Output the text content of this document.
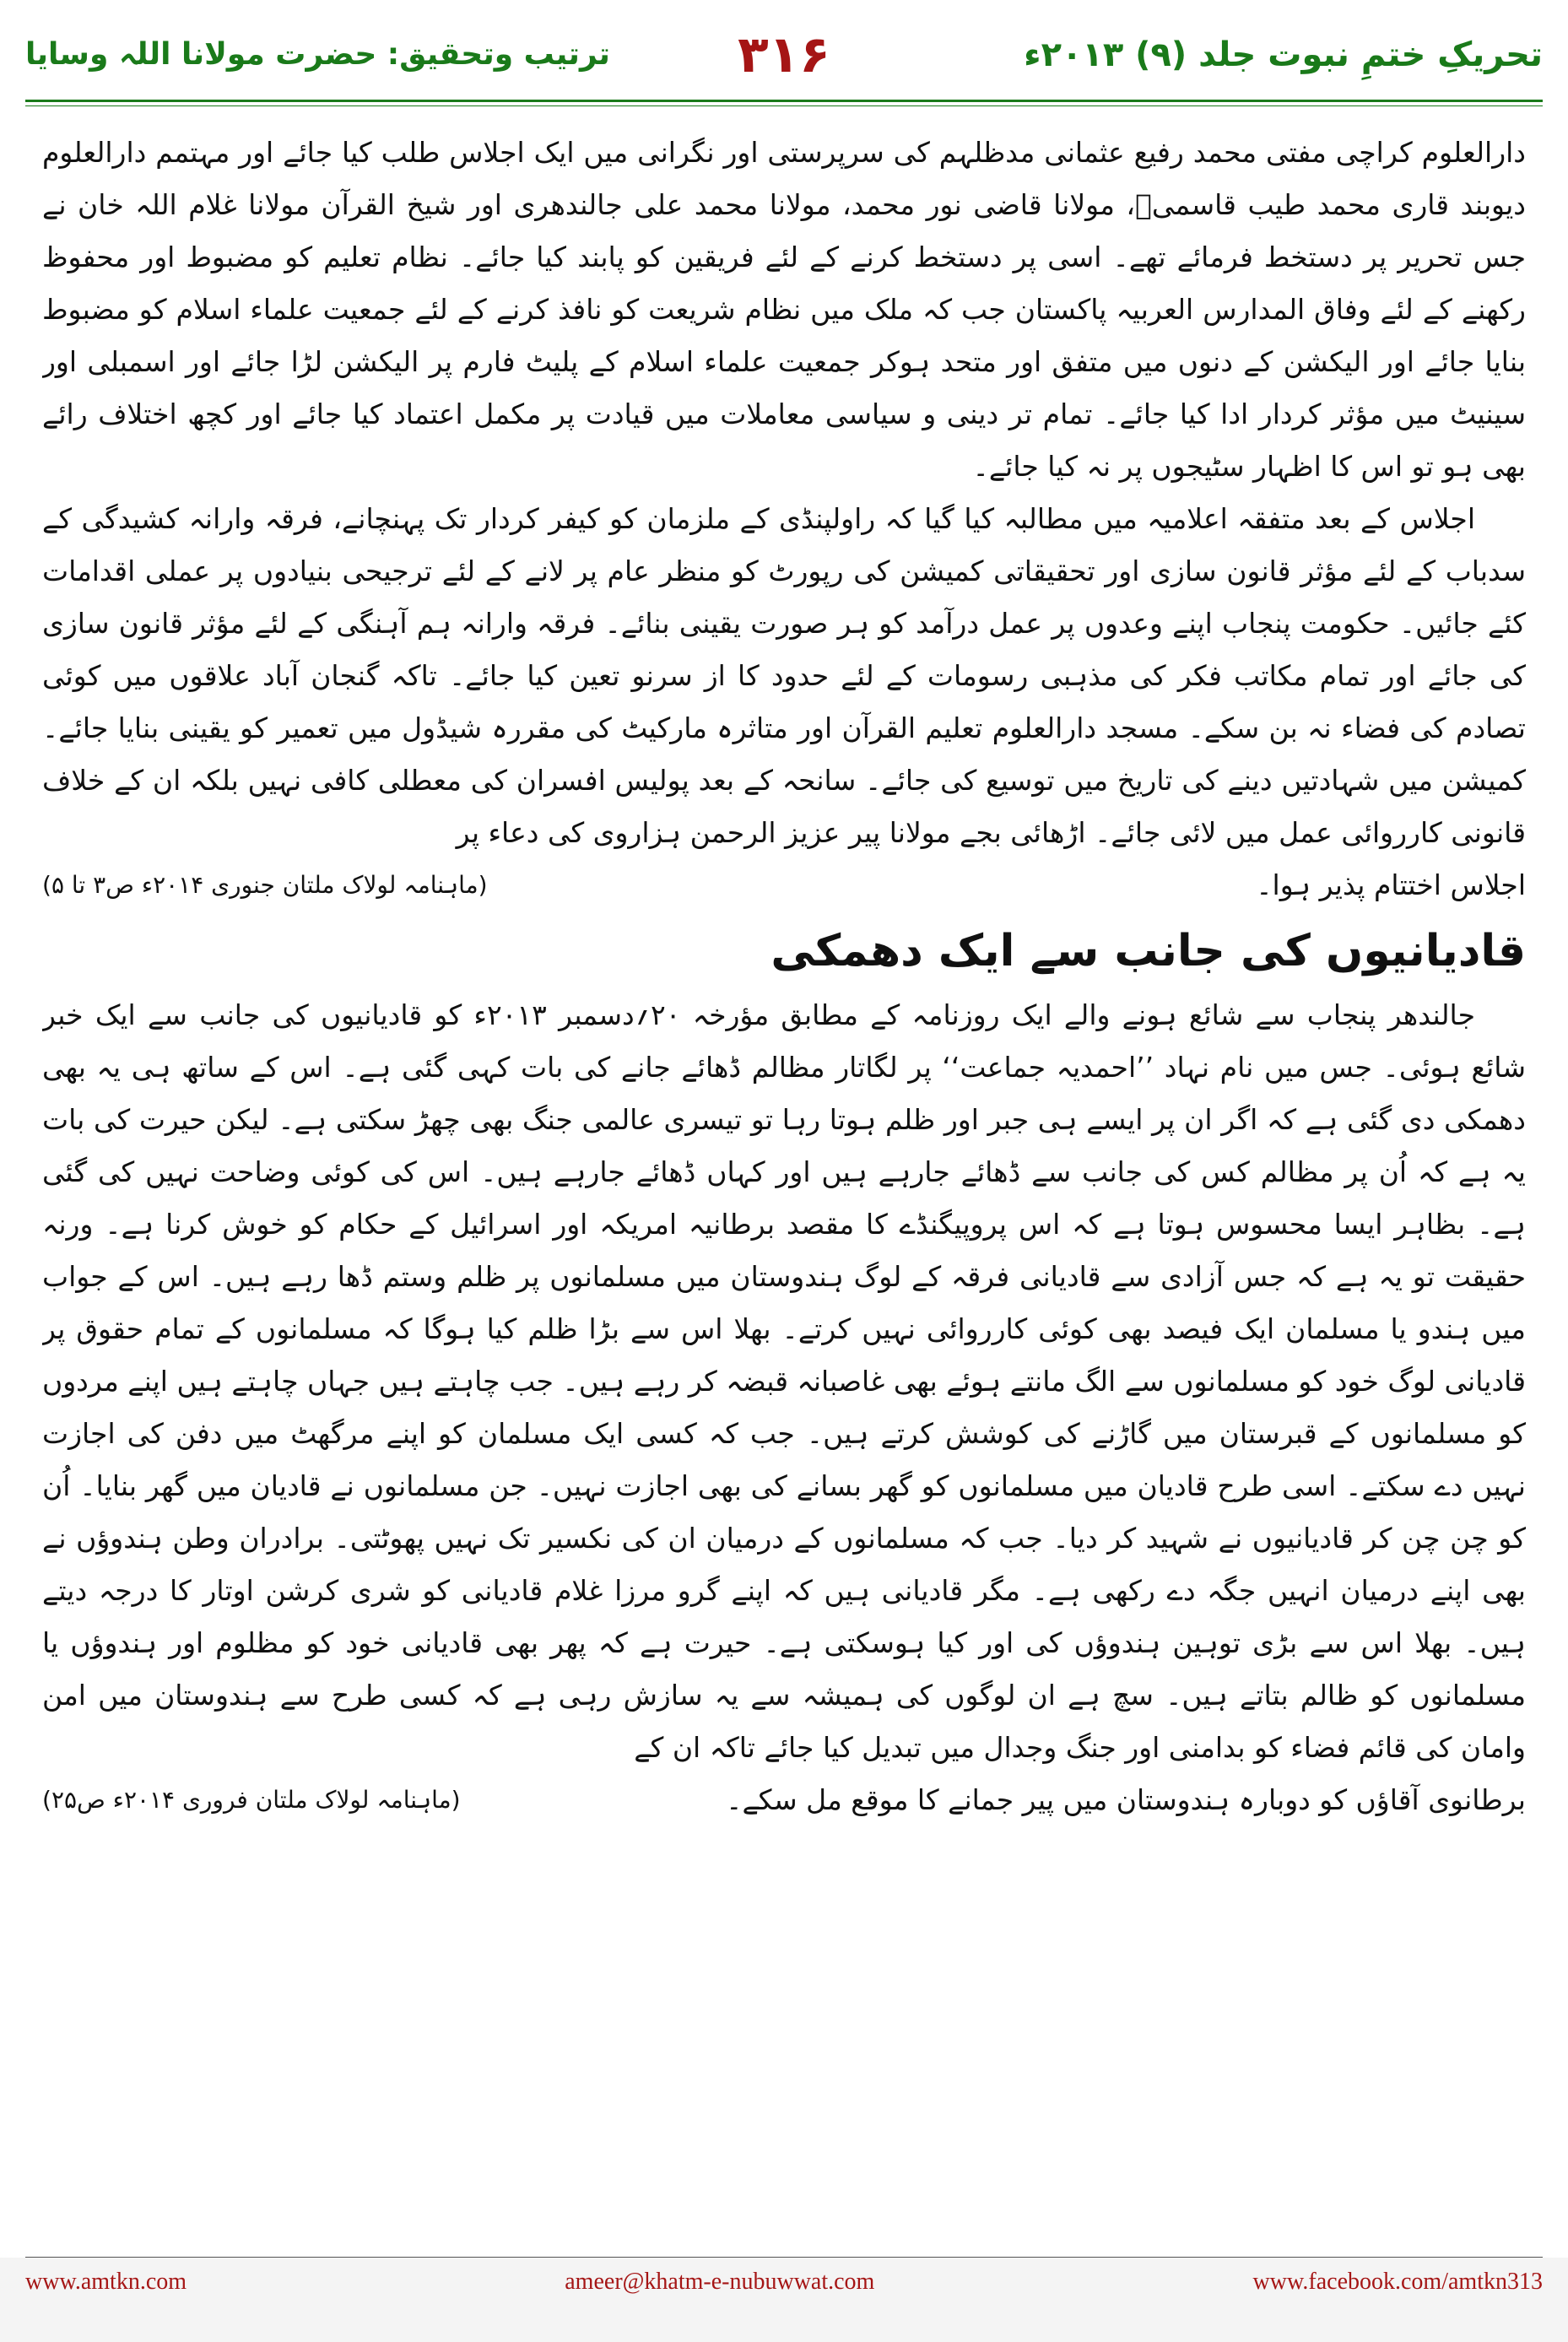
تحریکِ ختمِ نبوت جلد (۹) ۲۰۱۳ء
۳۱۶
ترتیب وتحقیق: حضرت مولانا اللہ وسایا

دارالعلوم کراچی مفتی محمد رفیع عثمانی مدظلہم کی سرپرستی اور نگرانی میں ایک اجلاس طلب کیا جائے اور مہتمم دارالعلوم دیوبند قاری محمد طیب قاسمیؒ، مولانا قاضی نور محمد، مولانا محمد علی جالندھری اور شیخ القرآن مولانا غلام اللہ خان نے جس تحریر پر دستخط فرمائے تھے۔ اسی پر دستخط کرنے کے لئے فریقین کو پابند کیا جائے۔ نظام تعلیم کو مضبوط اور محفوظ رکھنے کے لئے وفاق المدارس العربیہ پاکستان جب کہ ملک میں نظام شریعت کو نافذ کرنے کے لئے جمعیت علماء اسلام کو مضبوط بنایا جائے اور الیکشن کے دنوں میں متفق اور متحد ہوکر جمعیت علماء اسلام کے پلیٹ فارم پر الیکشن لڑا جائے اور اسمبلی اور سینیٹ میں مؤثر کردار ادا کیا جائے۔ تمام تر دینی و سیاسی معاملات میں قیادت پر مکمل اعتماد کیا جائے اور کچھ اختلاف رائے بھی ہو تو اس کا اظہار سٹیجوں پر نہ کیا جائے۔

اجلاس کے بعد متفقہ اعلامیہ میں مطالبہ کیا گیا کہ راولپنڈی کے ملزمان کو کیفر کردار تک پہنچانے، فرقہ وارانہ کشیدگی کے سدباب کے لئے مؤثر قانون سازی اور تحقیقاتی کمیشن کی رپورٹ کو منظر عام پر لانے کے لئے ترجیحی بنیادوں پر عملی اقدامات کئے جائیں۔ حکومت پنجاب اپنے وعدوں پر عمل درآمد کو ہر صورت یقینی بنائے۔ فرقہ وارانہ ہم آہنگی کے لئے مؤثر قانون سازی کی جائے اور تمام مکاتب فکر کی مذہبی رسومات کے لئے حدود کا از سرنو تعین کیا جائے۔ تاکہ گنجان آباد علاقوں میں کوئی تصادم کی فضاء نہ بن سکے۔ مسجد دارالعلوم تعلیم القرآن اور متاثرہ مارکیٹ کی مقررہ شیڈول میں تعمیر کو یقینی بنایا جائے۔ کمیشن میں شہادتیں دینے کی تاریخ میں توسیع کی جائے۔ سانحہ کے بعد پولیس افسران کی معطلی کافی نہیں بلکہ ان کے خلاف قانونی کارروائی عمل میں لائی جائے۔ اڑھائی بجے مولانا پیر عزیز الرحمن ہزاروی کی دعاء پر

اجلاس اختتام پذیر ہوا۔
(ماہنامہ لولاک ملتان جنوری ۲۰۱۴ء ص۳ تا ۵)
قادیانیوں کی جانب سے ایک دھمکی

جالندھر پنجاب سے شائع ہونے والے ایک روزنامہ کے مطابق مؤرخہ ۲۰؍دسمبر ۲۰۱۳ء کو قادیانیوں کی جانب سے ایک خبر شائع ہوئی۔ جس میں نام نہاد ’’احمدیہ جماعت‘‘ پر لگاتار مظالم ڈھائے جانے کی بات کہی گئی ہے۔ اس کے ساتھ ہی یہ بھی دھمکی دی گئی ہے کہ اگر ان پر ایسے ہی جبر اور ظلم ہوتا رہا تو تیسری عالمی جنگ بھی چھڑ سکتی ہے۔ لیکن حیرت کی بات یہ ہے کہ اُن پر مظالم کس کی جانب سے ڈھائے جارہے ہیں اور کہاں ڈھائے جارہے ہیں۔ اس کی کوئی وضاحت نہیں کی گئی ہے۔ بظاہر ایسا محسوس ہوتا ہے کہ اس پروپیگنڈے کا مقصد برطانیہ امریکہ اور اسرائیل کے حکام کو خوش کرنا ہے۔ ورنہ حقیقت تو یہ ہے کہ جس آزادی سے قادیانی فرقہ کے لوگ ہندوستان میں مسلمانوں پر ظلم وستم ڈھا رہے ہیں۔ اس کے جواب میں ہندو یا مسلمان ایک فیصد بھی کوئی کارروائی نہیں کرتے۔ بھلا اس سے بڑا ظلم کیا ہوگا کہ مسلمانوں کے تمام حقوق پر قادیانی لوگ خود کو مسلمانوں سے الگ مانتے ہوئے بھی غاصبانہ قبضہ کر رہے ہیں۔ جب چاہتے ہیں جہاں چاہتے ہیں اپنے مردوں کو مسلمانوں کے قبرستان میں گاڑنے کی کوشش کرتے ہیں۔ جب کہ کسی ایک مسلمان کو اپنے مرگھٹ میں دفن کی اجازت نہیں دے سکتے۔ اسی طرح قادیان میں مسلمانوں کو گھر بسانے کی بھی اجازت نہیں۔ جن مسلمانوں نے قادیان میں گھر بنایا۔ اُن کو چن چن کر قادیانیوں نے شہید کر دیا۔ جب کہ مسلمانوں کے درمیان ان کی نکسیر تک نہیں پھوٹتی۔ برادران وطن ہندوؤں نے بھی اپنے درمیان انہیں جگہ دے رکھی ہے۔ مگر قادیانی ہیں کہ اپنے گرو مرزا غلام قادیانی کو شری کرشن اوتار کا درجہ دیتے ہیں۔ بھلا اس سے بڑی توہین ہندوؤں کی اور کیا ہوسکتی ہے۔ حیرت ہے کہ پھر بھی قادیانی خود کو مظلوم اور ہندوؤں یا مسلمانوں کو ظالم بتاتے ہیں۔ سچ ہے ان لوگوں کی ہمیشہ سے یہ سازش رہی ہے کہ کسی طرح سے ہندوستان میں امن وامان کی قائم فضاء کو بدامنی اور جنگ وجدال میں تبدیل کیا جائے تاکہ ان کے

برطانوی آقاؤں کو دوبارہ ہندوستان میں پیر جمانے کا موقع مل سکے۔
(ماہنامہ لولاک ملتان فروری ۲۰۱۴ء ص۲۵)
www.amtkn.com	ameer@khatm-e-nubuwwat.com	www.facebook.com/amtkn313
